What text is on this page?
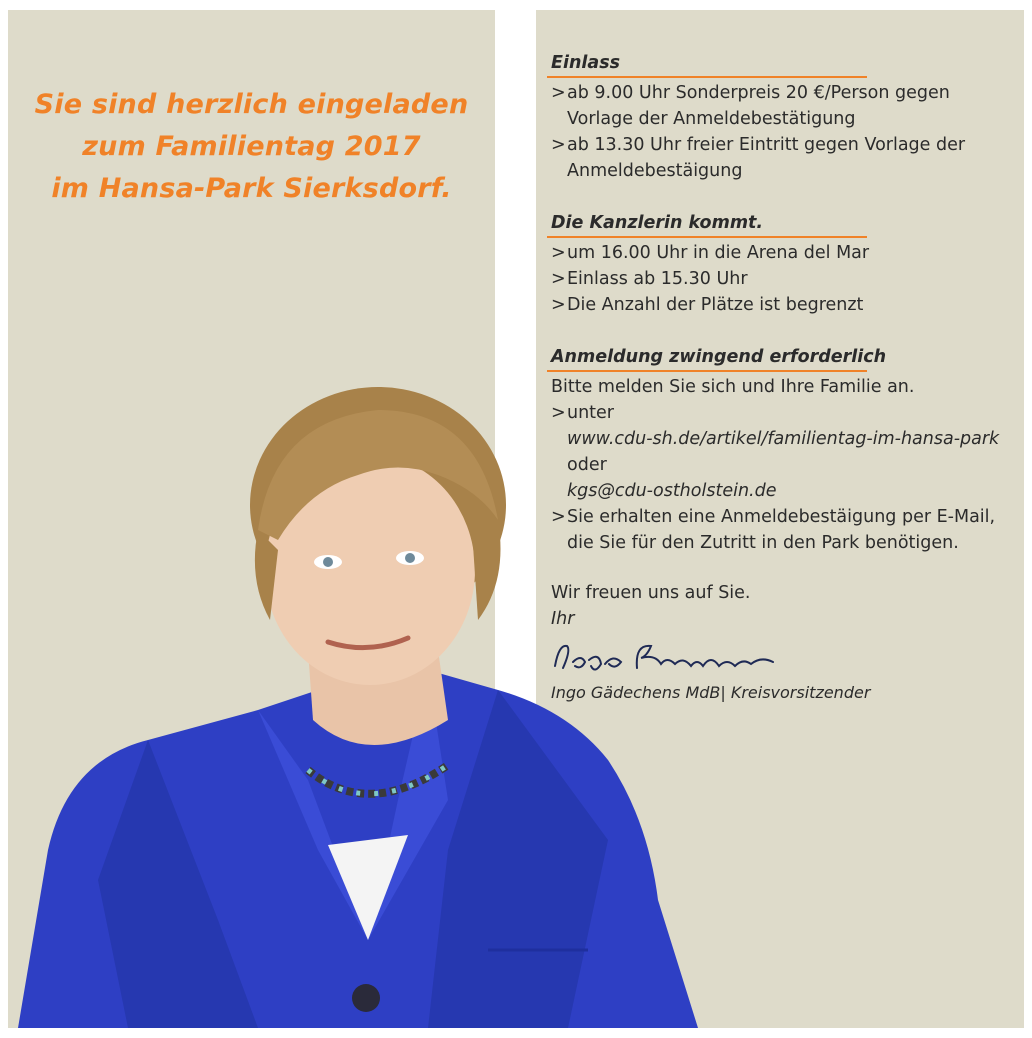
Sie sind herzlich eingeladen
zum Familientag 2017
im Hansa-Park Sierksdorf.
Einlass
> ab 9.00 Uhr Sonderpreis 20 €/Person gegen
Vorlage der Anmeldebestätigung
> ab 13.30 Uhr freier Eintritt gegen Vorlage der
Anmeldebestäigung
Die Kanzlerin kommt.
> um 16.00 Uhr in die Arena del Mar
> Einlass ab 15.30 Uhr
> Die Anzahl der Plätze ist begrenzt
Anmeldung zwingend erforderlich
Bitte melden Sie sich und Ihre Familie an.
> unter
www.cdu-sh.de/artikel/familientag-im-hansa-park
oder
kgs@cdu-ostholstein.de
> Sie erhalten eine Anmeldebestäigung per E-Mail,
die Sie für den Zutritt in den Park benötigen.
Wir freuen uns auf Sie.
Ihr
Ingo Gädechens MdB| Kreisvorsitzender
